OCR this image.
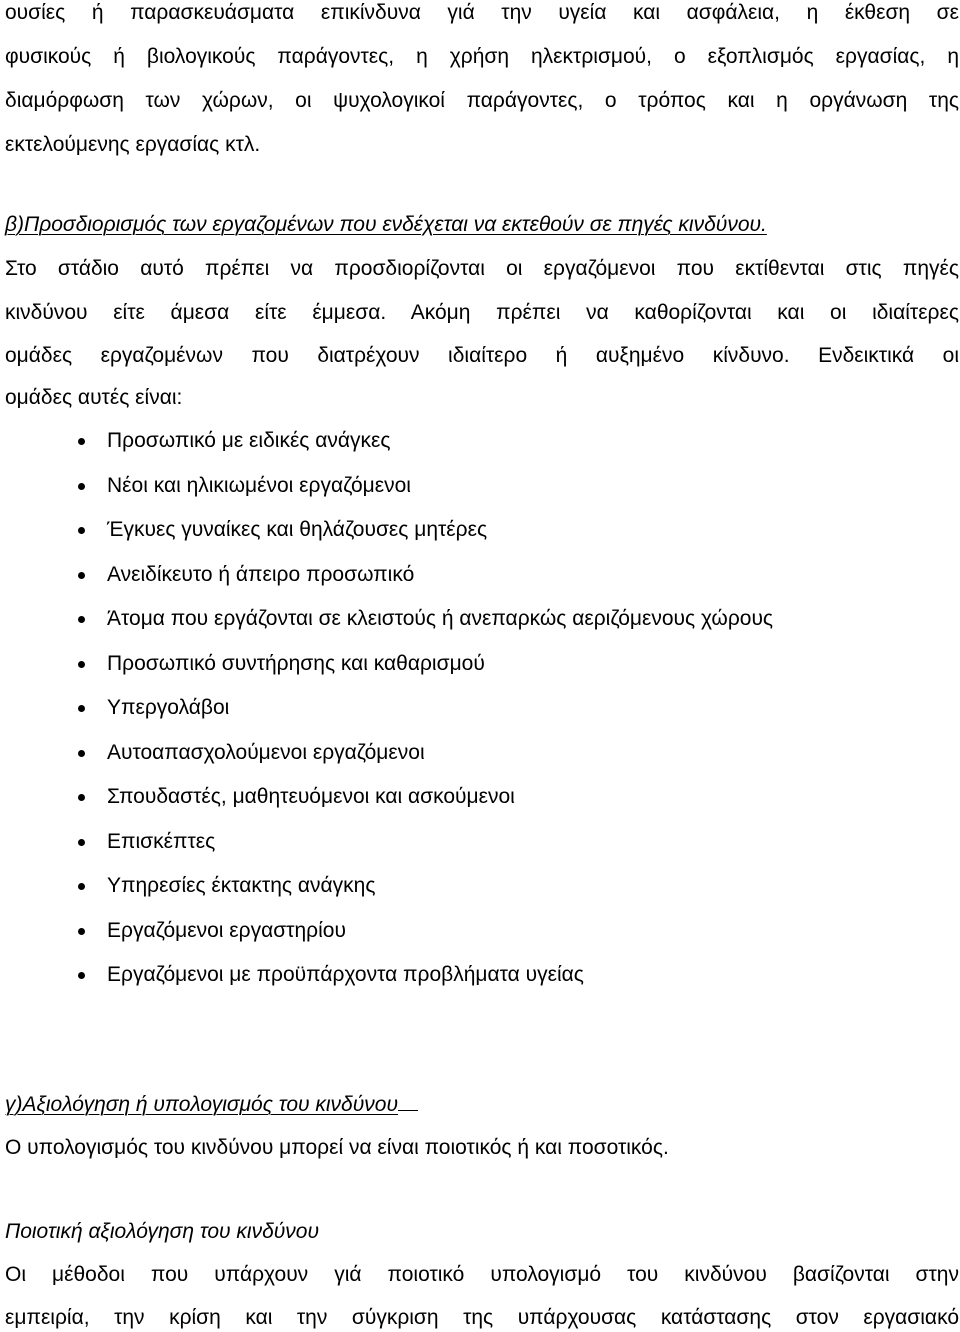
ουσίες ή παρασκευάσματα επικίνδυνα γιά την υγεία και ασφάλεια, η έκθεση σε
φυσικούς ή βιολογικούς παράγοντες, η χρήση ηλεκτρισμού, ο εξοπλισμός εργασίας, η
διαμόρφωση των χώρων, οι ψυχολογικοί παράγοντες, ο τρόπος και η οργάνωση της
εκτελούμενης εργασίας κτλ.
β)Προσδιορισμός των εργαζομένων που ενδέχεται να εκτεθούν σε πηγές κινδύνου.
Στο στάδιο αυτό πρέπει να προσδιορίζονται οι εργαζόμενοι που εκτίθενται στις πηγές
κινδύνου είτε άμεσα είτε έμμεσα. Ακόμη πρέπει να καθορίζονται και οι ιδιαίτερες
ομάδες εργαζομένων που διατρέχουν ιδιαίτερο ή αυξημένο κίνδυνο. Ενδεικτικά οι
ομάδες αυτές είναι:
Προσωπικό με ειδικές ανάγκες
Νέοι και ηλικιωμένοι εργαζόμενοι
Έγκυες γυναίκες και θηλάζουσες μητέρες
Ανειδίκευτο ή άπειρο προσωπικό
Άτομα που εργάζονται σε κλειστούς ή ανεπαρκώς αεριζόμενους χώρους
Προσωπικό συντήρησης και καθαρισμού
Υπεργολάβοι
Αυτοαπασχολούμενοι εργαζόμενοι
Σπουδαστές, μαθητευόμενοι και ασκούμενοι
Επισκέπτες
Υπηρεσίες έκτακτης ανάγκης
Εργαζόμενοι εργαστηρίου
Εργαζόμενοι με προϋπάρχοντα προβλήματα υγείας
γ)Αξιολόγηση ή υπολογισμός του κινδύνου
Ο υπολογισμός του κινδύνου μπορεί να είναι ποιοτικός ή και ποσοτικός.
Ποιοτική αξιολόγηση του κινδύνου
Οι μέθοδοι που υπάρχουν γιά ποιοτικό υπολογισμό του κινδύνου βασίζονται στην
εμπειρία, την κρίση και την σύγκριση της υπάρχουσας κατάστασης στον εργασιακό
